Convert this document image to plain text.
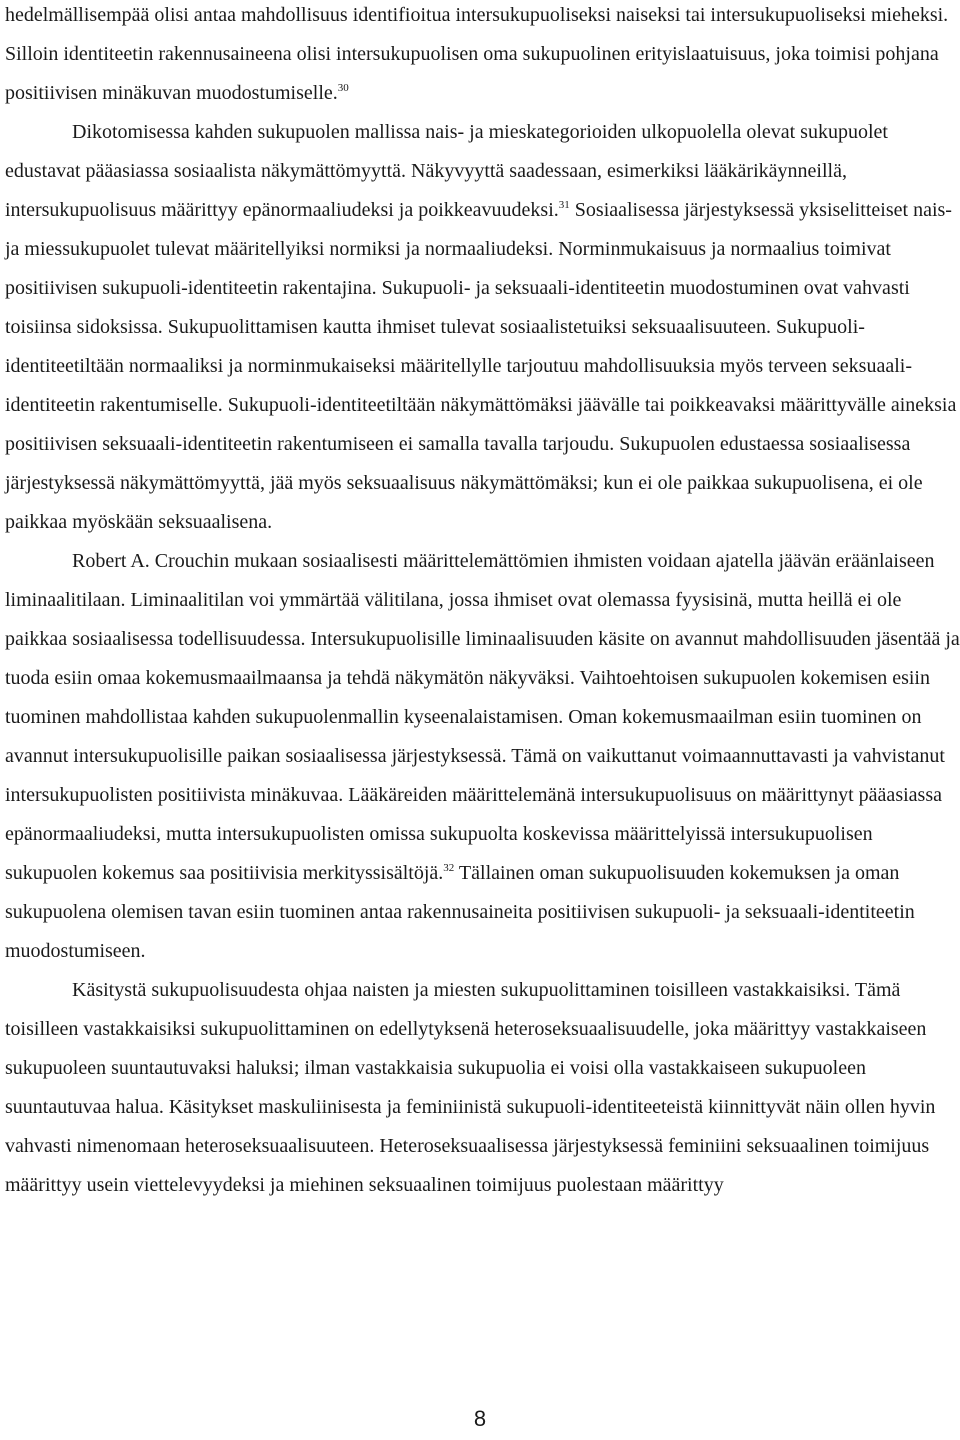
hedelmällisempää olisi antaa mahdollisuus identifioitua intersukupuoliseksi naiseksi tai intersukupuoliseksi mieheksi. Silloin identiteetin rakennusaineena olisi intersukupuolisen oma sukupuolinen erityislaatuisuus, joka toimisi pohjana positiivisen minäkuvan muodostumiselle.$^{30}$

Dikotomisessa kahden sukupuolen mallissa nais- ja mieskategorioiden ulkopuolella olevat sukupuolet edustavat pääasiassa sosiaalista näkymättömyyttä. Näkyvyyttä saadessaan, esimerkiksi lääkärikäynneillä, intersukupuolisuus määrittyy epänormaaliudeksi ja poikkeavuudeksi.$^{31}$ Sosiaalisessa järjestyksessä yksiselitteiset nais- ja miessukupuolet tulevat määritellyiksi normiksi ja normaaliudeksi. Norminmukaisuus ja normaalius toimivat positiivisen sukupuoli-identiteetin rakentajina. Sukupuoli- ja seksuaali-identiteetin muodostuminen ovat vahvasti toisiinsa sidoksissa. Sukupuolittamisen kautta ihmiset tulevat sosiaalistetuiksi seksuaalisuuteen. Sukupuoli-identiteetiltään normaaliksi ja norminmukaiseksi määritellylle tarjoutuu mahdollisuuksia myös terveen seksuaali-identiteetin rakentumiselle. Sukupuoli-identiteetiltään näkymättömäksi jäävälle tai poikkeavaksi määrittyvälle aineksia positiivisen seksuaali-identiteetin rakentumiseen ei samalla tavalla tarjoudu. Sukupuolen edustaessa sosiaalisessa järjestyksessä näkymättömyyttä, jää myös seksuaalisuus näkymättömäksi; kun ei ole paikkaa sukupuolisena, ei ole paikkaa myöskään seksuaalisena.

Robert A. Crouchin mukaan sosiaalisesti määrittelemättömien ihmisten voidaan ajatella jäävän eräänlaiseen liminaalitilaan. Liminaalitilan voi ymmärtää välitilana, jossa ihmiset ovat olemassa fyysisinä, mutta heillä ei ole paikkaa sosiaalisessa todellisuudessa. Intersukupuolisille liminaalisuuden käsite on avannut mahdollisuuden jäsentää ja tuoda esiin omaa kokemusmaailmaansa ja tehdä näkymätön näkyväksi. Vaihtoehtoisen sukupuolen kokemisen esiin tuominen mahdollistaa kahden sukupuolenmallin kyseenalaistamisen. Oman kokemusmaailman esiin tuominen on avannut intersukupuolisille paikan sosiaalisessa järjestyksessä. Tämä on vaikuttanut voimaannuttavasti ja vahvistanut intersukupuolisten positiivista minäkuvaa. Lääkäreiden määrittelemänä intersukupuolisuus on määrittynyt pääasiassa epänormaaliudeksi, mutta intersukupuolisten omissa sukupuolta koskevissa määrittelyissä intersukupuolisen sukupuolen kokemus saa positiivisia merkityssisältöjä.$^{32}$ Tällainen oman sukupuolisuuden kokemuksen ja oman sukupuolena olemisen tavan esiin tuominen antaa rakennusaineita positiivisen sukupuoli- ja seksuaali-identiteetin muodostumiseen.

Käsitystä sukupuolisuudesta ohjaa naisten ja miesten sukupuolittaminen toisilleen vastakkaisiksi. Tämä toisilleen vastakkaisiksi sukupuolittaminen on edellytyksenä heteroseksuaalisuudelle, joka määrittyy vastakkaiseen sukupuoleen suuntautuvaksi haluksi; ilman vastakkaisia sukupuolia ei voisi olla vastakkaiseen sukupuoleen suuntautuvaa halua. Käsitykset maskuliinisesta ja feminiinistä sukupuoli-identiteeteistä kiinnittyvät näin ollen hyvin vahvasti nimenomaan heteroseksuaalisuuteen. Heteroseksuaalisessa järjestyksessä feminiini seksuaalinen toimijuus määrittyy usein viettelevyydeksi ja miehinen seksuaalinen toimijuus puolestaan määrittyy

8
